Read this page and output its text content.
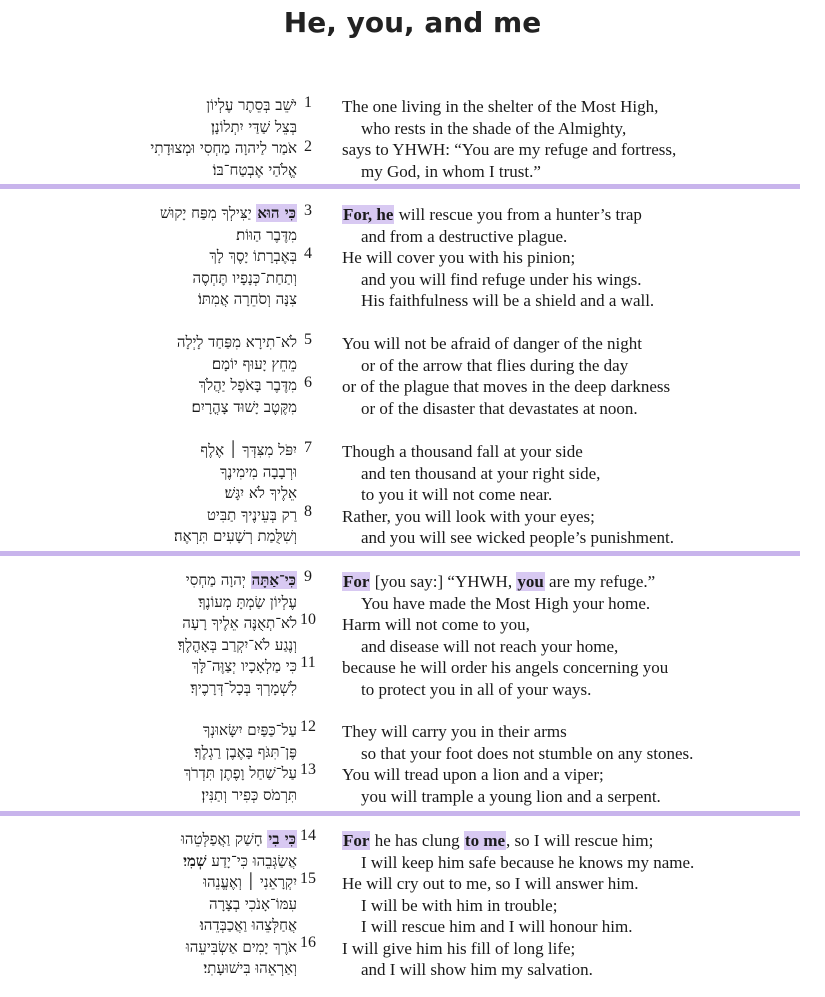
He, you, and me
יֹשֵׁב בְּסֵתֶר עֶלְיוֹן
בְּצֵל שַׁדַּי יִתְלוֹנָן׃
אֹמַר לַיהוָה מַחְסִי וּמְצוּדָתִי
אֱלֹהַי אֶבְטַח־בּוֹ׃
1
2
The one living in the shelter of the Most High,
who rests in the shade of the Almighty,
says to YHWH: “You are my refuge and fortress,
my God, in whom I trust.”
כִּי הוּא יַצִּילְךָ מִפַּח יָקוּשׁ
מִדֶּבֶר הַוּוֹת׃
בְּאֶבְרָתוֹ יָסֶךְ לָךְ
וְתַחַת־כְּנָפָיו תֶּחְסֶה
צִנָּה וְסֹחֵרָה אֲמִתּוֹ׃
3
4
For, he will rescue you from a hunter’s trap
and from a destructive plague.
He will cover you with his pinion;
and you will find refuge under his wings.
His faithfulness will be a shield and a wall.
לֹא־תִירָא מִפַּחַד לָיְלָה
מֵחֵץ יָעוּף יוֹמָם׃
מִדֶּבֶר בָּאֹפֶל יַהֲלֹךְ
מִקֶּטֶב יָשׁוּד צָהֳרָיִם׃
5
6
You will not be afraid of danger of the night
or of the arrow that flies during the day
or of the plague that moves in the deep darkness
or of the disaster that devastates at noon.
יִפֹּל מִצִּדְּךָ ׀ אֶלֶף
וּרְבָבָה מִימִינֶךָ
אֵלֶיךָ לֹא יִגָּשׁ׃
רַק בְּעֵינֶיךָ תַבִּיט
וְשִׁלֻּמַת רְשָׁעִים תִּרְאֶה׃
7
8
Though a thousand fall at your side
and ten thousand at your right side,
to you it will not come near.
Rather, you will look with your eyes;
and you will see wicked people’s punishment.
כִּי־אַתָּה יְהוָה מַחְסִי
עֶלְיוֹן שַׂמְתָּ מְעוֹנֶךָ׃
לֹא־תְאֻנֶּה אֵלֶיךָ רָעָה
וְנֶגַע לֹא־יִקְרַב בְּאָהֳלֶךָ׃
כִּי מַלְאָכָיו יְצַוֶּה־לָּךְ
לִשְׁמָרְךָ בְּכָל־דְּרָכֶיךָ׃
9
10
11
For [you say:] “YHWH, you are my refuge.”
You have made the Most High your home.
Harm will not come to you,
and disease will not reach your home,
because he will order his angels concerning you
to protect you in all of your ways.
עַל־כַּפַּיִם יִשָּׂאוּנְךָ
פֶּן־תִּגֹּף בָּאֶבֶן רַגְלֶךָ׃
עַל־שַׁחַל וָפֶתֶן תִּדְרֹךְ
תִּרְמֹס כְּפִיר וְתַנִּין׃
12
13
They will carry you in their arms
so that your foot does not stumble on any stones.
You will tread upon a lion and a viper;
you will trample a young lion and a serpent.
כִּי בִי חָשַׁק וַאֲפַלְּטֵהוּ
אֲשַׂגְּבֵהוּ כִּי־יָדַע שְׁמִי
יִקְרָאֵנִי ׀ וְאֶעֱנֵהוּ
עִמּוֹ־אָנֹכִי בְצָרָה
אֲחַלְּצֵהוּ וַאֲכַבְּדֵהוּ׃
אֹרֶךְ יָמִים אַשְׂבִּיעֵהוּ
וְאַרְאֵהוּ בִּישׁוּעָתִי׃
14
15
16
For he has clung to me, so I will rescue him;
I will keep him safe because he knows my name.
He will cry out to me, so I will answer him.
I will be with him in trouble;
I will rescue him and I will honour him.
I will give him his fill of long life;
and I will show him my salvation.
